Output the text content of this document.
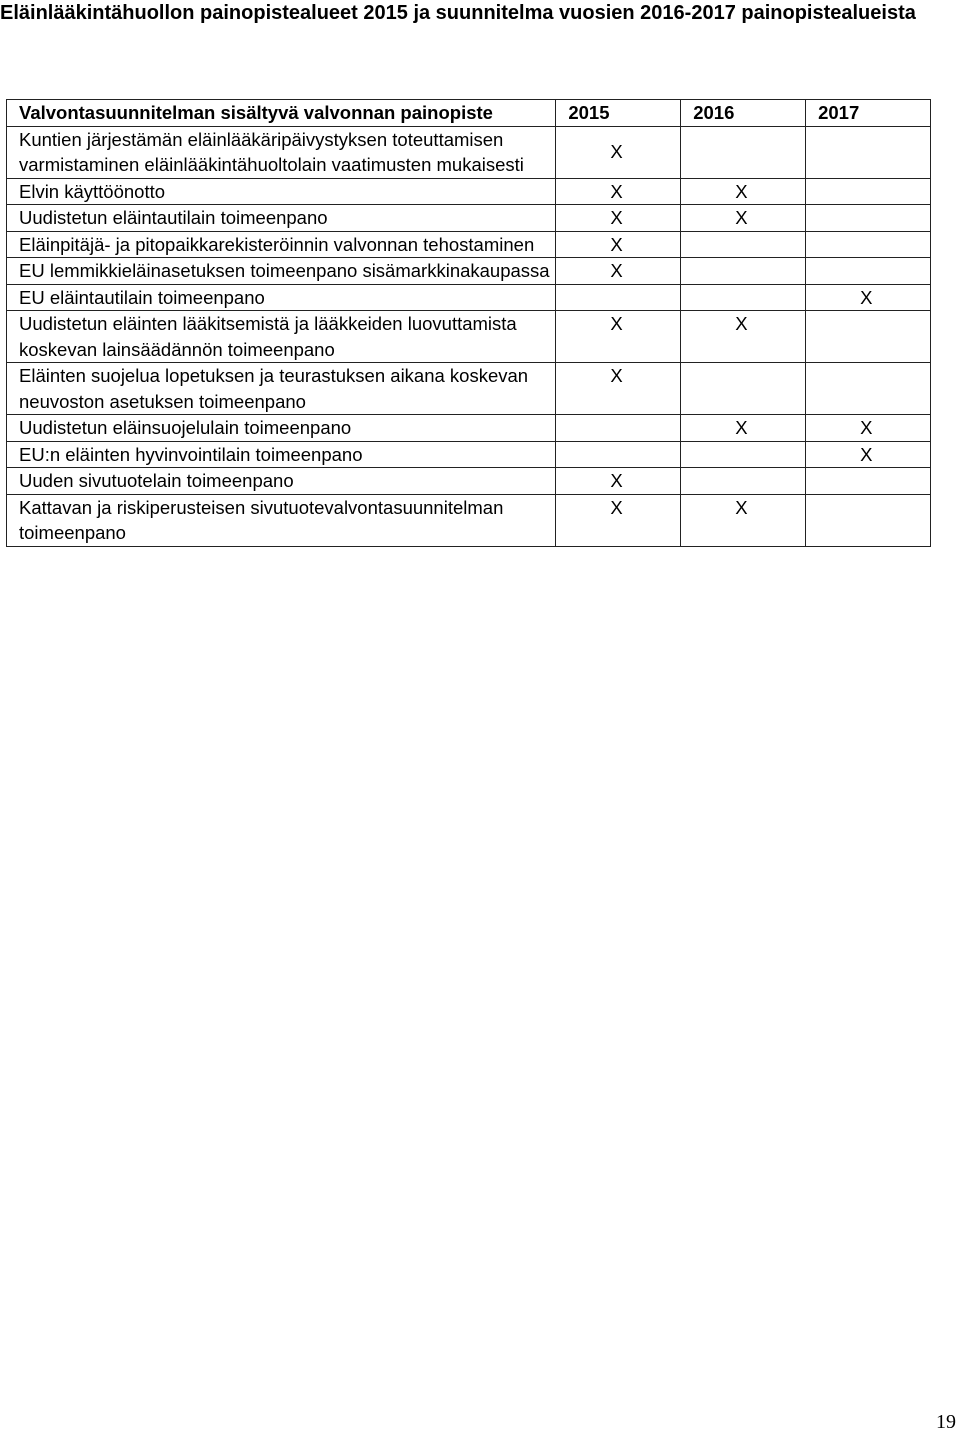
Eläinlääkintähuollon painopistealueet 2015 ja suunnitelma vuosien 2016-2017 painopistealueista
Valvontasuunnitelman sisältyvä valvonnan painopiste	2015	2016	2017
Kuntien järjestämän eläinlääkäripäivystyksen toteuttamisen varmistaminen eläinlääkintähuoltolain vaatimusten mukaisesti	X		
Elvin käyttöönotto	X	X	
Uudistetun eläintautilain toimeenpano	X	X	
Eläinpitäjä- ja pitopaikkarekisteröinnin valvonnan tehostaminen	X		
EU lemmikkieläinasetuksen toimeenpano sisämarkkinakaupassa	X		
EU eläintautilain toimeenpano			X
Uudistetun eläinten lääkitsemistä ja lääkkeiden luovuttamista koskevan lainsäädännön toimeenpano	X	X	
Eläinten suojelua lopetuksen ja teurastuksen aikana koskevan neuvoston asetuksen toimeenpano	X		
Uudistetun eläinsuojelulain toimeenpano		X	X
EU:n eläinten hyvinvointilain toimeenpano			X
Uuden sivutuotelain toimeenpano	X		
Kattavan ja riskiperusteisen sivutuotevalvontasuunnitelman toimeenpano	X	X	
19
